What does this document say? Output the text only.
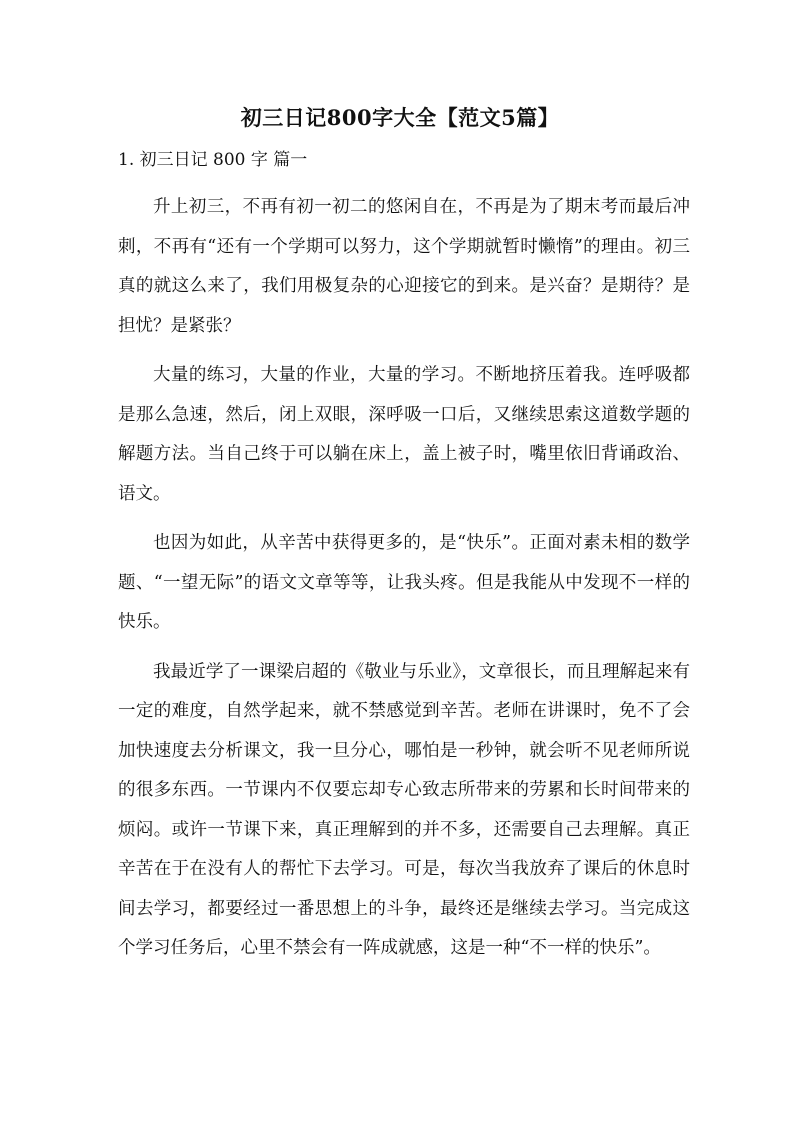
初三日记800字大全【范文5篇】
1. 初三日记 800 字 篇一

升上初三，不再有初一初二的悠闲自在，不再是为了期末考而最后冲刺，不再有“还有一个学期可以努力，这个学期就暂时懒惰”的理由。初三真的就这么来了，我们用极复杂的心迎接它的到来。是兴奋？是期待？是担忧？是紧张？

大量的练习，大量的作业，大量的学习。不断地挤压着我。连呼吸都是那么急速，然后，闭上双眼，深呼吸一口后，又继续思索这道数学题的解题方法。当自己终于可以躺在床上，盖上被子时，嘴里依旧背诵政治、语文。

也因为如此，从辛苦中获得更多的，是“快乐”。正面对素未相的数学题、“一望无际”的语文文章等等，让我头疼。但是我能从中发现不一样的快乐。

我最近学了一课梁启超的《敬业与乐业》，文章很长，而且理解起来有一定的难度，自然学起来，就不禁感觉到辛苦。老师在讲课时，免不了会加快速度去分析课文，我一旦分心，哪怕是一秒钟，就会听不见老师所说的很多东西。一节课内不仅要忘却专心致志所带来的劳累和长时间带来的烦闷。或许一节课下来，真正理解到的并不多，还需要自己去理解。真正辛苦在于在没有人的帮忙下去学习。可是，每次当我放弃了课后的休息时间去学习，都要经过一番思想上的斗争，最终还是继续去学习。当完成这个学习任务后，心里不禁会有一阵成就感，这是一种“不一样的快乐”。
